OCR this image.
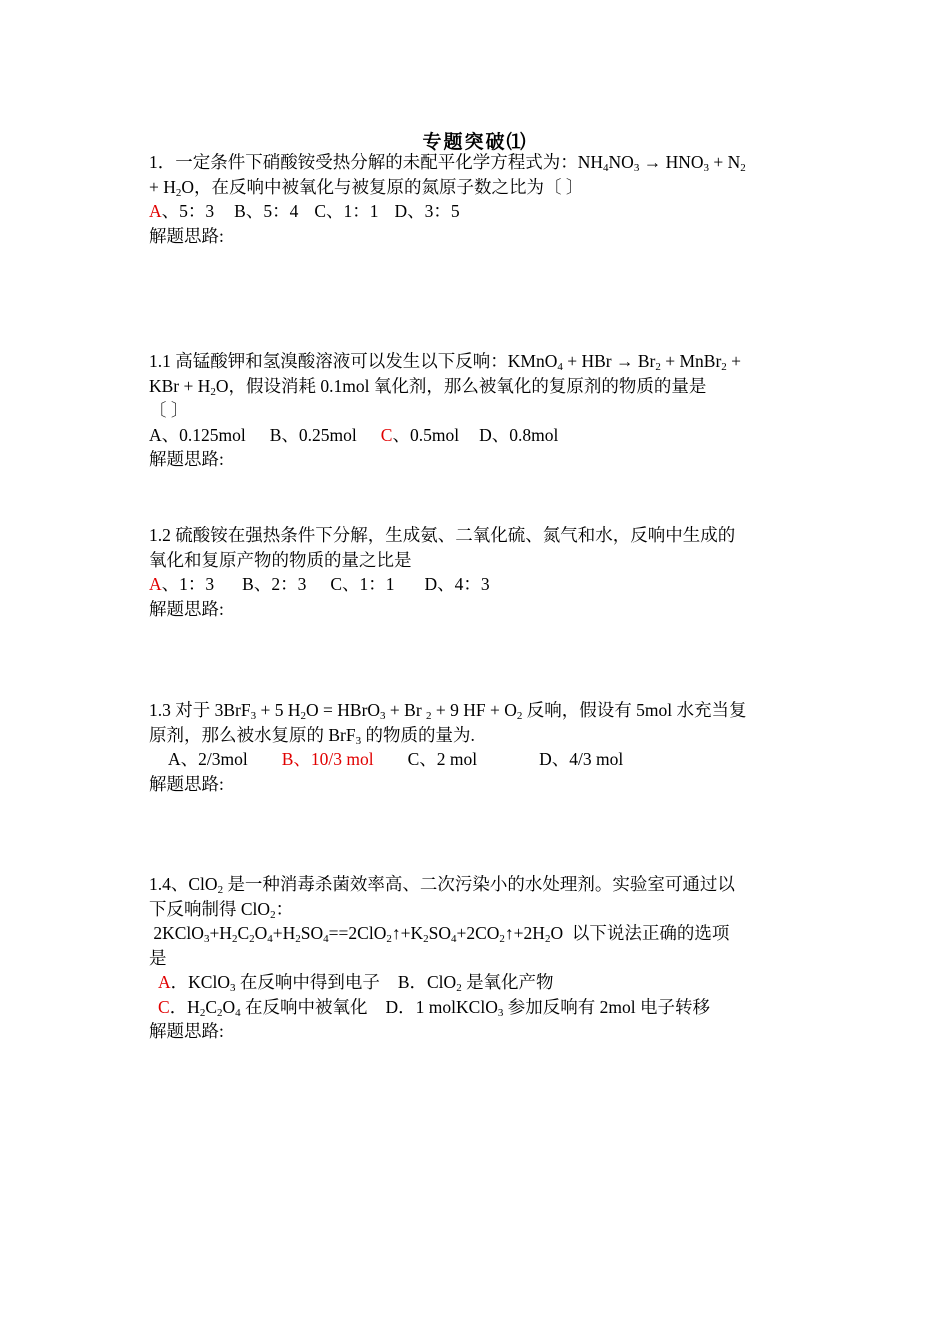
专题突破⑴
1．一定条件下硝酸铵受热分解的未配平化学方程式为：$NH_4NO_3 \to HNO_3 + N_2$
+ $H_2O$，在反响中被氧化与被复原的氮原子数之比为〔 〕
A、5：3 B、5：4 C、1：1 D、3：5
解题思路:
1.1 高锰酸钾和氢溴酸溶液可以发生以下反响：KMnO$_4$ + HBr → $Br_2$ + MnBr$_2$ +
KBr + $H_2O$，假设消耗 0.1mol 氧化剂，那么被氧化的复原剂的物质的量是
〔 〕
A、0.125mol B、0.25mol C、0.5mol D、0.8mol
解题思路:
1.2 硫酸铵在强热条件下分解，生成氨、二氧化硫、氮气和水，反响中生成的
氧化和复原产物的物质的量之比是
A、1：3 B、2：3 C、1：1 D、4：3
解题思路:
1.3 对于 3BrF$_3$ + 5 $H_2O$ = HBrO$_3$ + Br $_2$ + 9 HF + $O_2$ 反响，假设有 5mol 水充当复
原剂，那么被水复原的 BrF$_3$ 的物质的量为.
A、2/3mol B、10/3 mol C、2 mol	D、4/3 mol
解题思路:
1.4、ClO$_2$ 是一种消毒杀菌效率高、二次污染小的水处理剂。实验室可通过以
下反响制得 ClO$_2$：
$2KClO_3+H_2C_2O_4+H_2SO_4==2ClO_2↑+K_2SO_4+2CO_2↑+2H_2O$  以下说法正确的选项
是
A．KClO$_3$ 在反响中得到电子 B．ClO$_2$ 是氧化产物
C．$H_2C_2O_4$ 在反响中被氧化 D．1 molKClO$_3$ 参加反响有 2mol 电子转移
解题思路:
